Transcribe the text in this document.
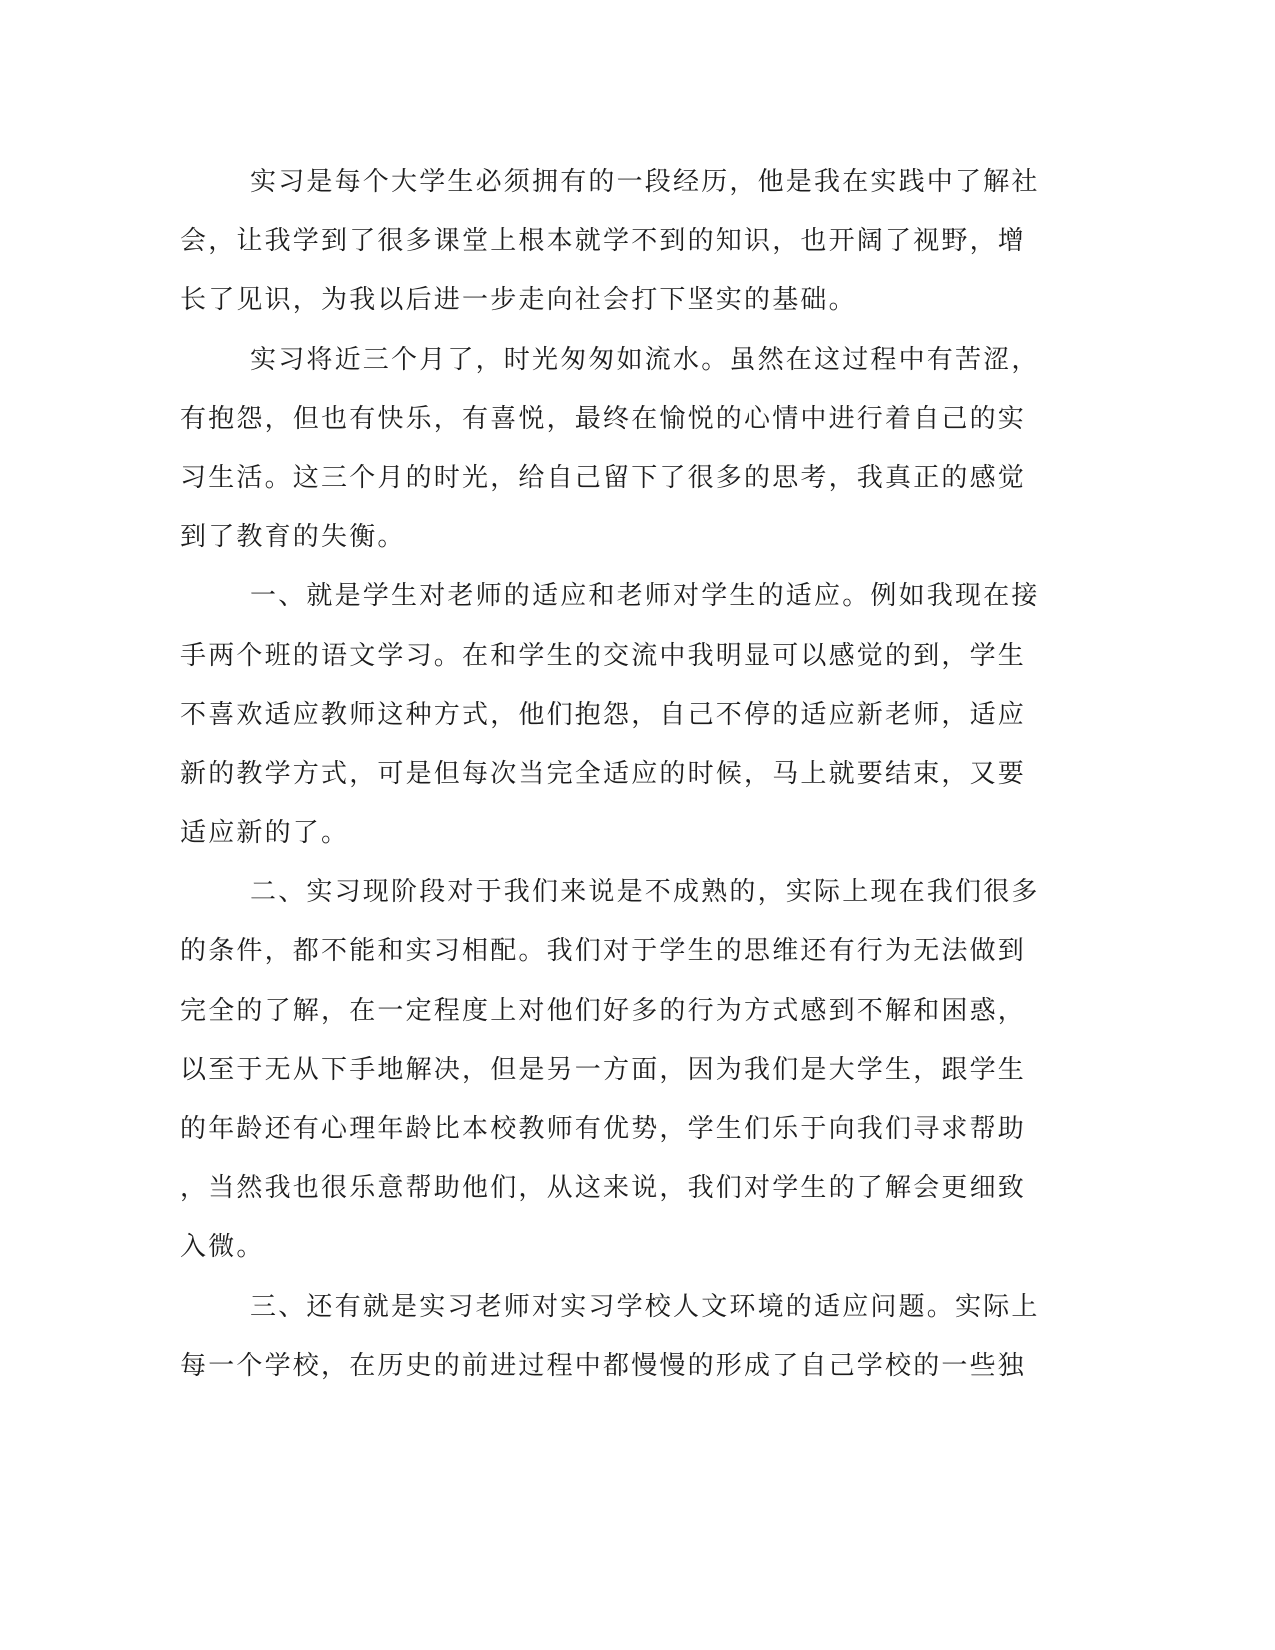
实习是每个大学生必须拥有的一段经历，他是我在实践中了解社
会，让我学到了很多课堂上根本就学不到的知识，也开阔了视野，增
长了见识，为我以后进一步走向社会打下坚实的基础。
实习将近三个月了，时光匆匆如流水。虽然在这过程中有苦涩，
有抱怨，但也有快乐，有喜悦，最终在愉悦的心情中进行着自己的实
习生活。这三个月的时光，给自己留下了很多的思考，我真正的感觉
到了教育的失衡。
一、就是学生对老师的适应和老师对学生的适应。例如我现在接
手两个班的语文学习。在和学生的交流中我明显可以感觉的到，学生
不喜欢适应教师这种方式，他们抱怨，自己不停的适应新老师，适应
新的教学方式，可是但每次当完全适应的时候，马上就要结束，又要
适应新的了。
二、实习现阶段对于我们来说是不成熟的，实际上现在我们很多
的条件，都不能和实习相配。我们对于学生的思维还有行为无法做到
完全的了解，在一定程度上对他们好多的行为方式感到不解和困惑，
以至于无从下手地解决，但是另一方面，因为我们是大学生，跟学生
的年龄还有心理年龄比本校教师有优势，学生们乐于向我们寻求帮助
，当然我也很乐意帮助他们，从这来说，我们对学生的了解会更细致
入微。
三、还有就是实习老师对实习学校人文环境的适应问题。实际上
每一个学校，在历史的前进过程中都慢慢的形成了自己学校的一些独
